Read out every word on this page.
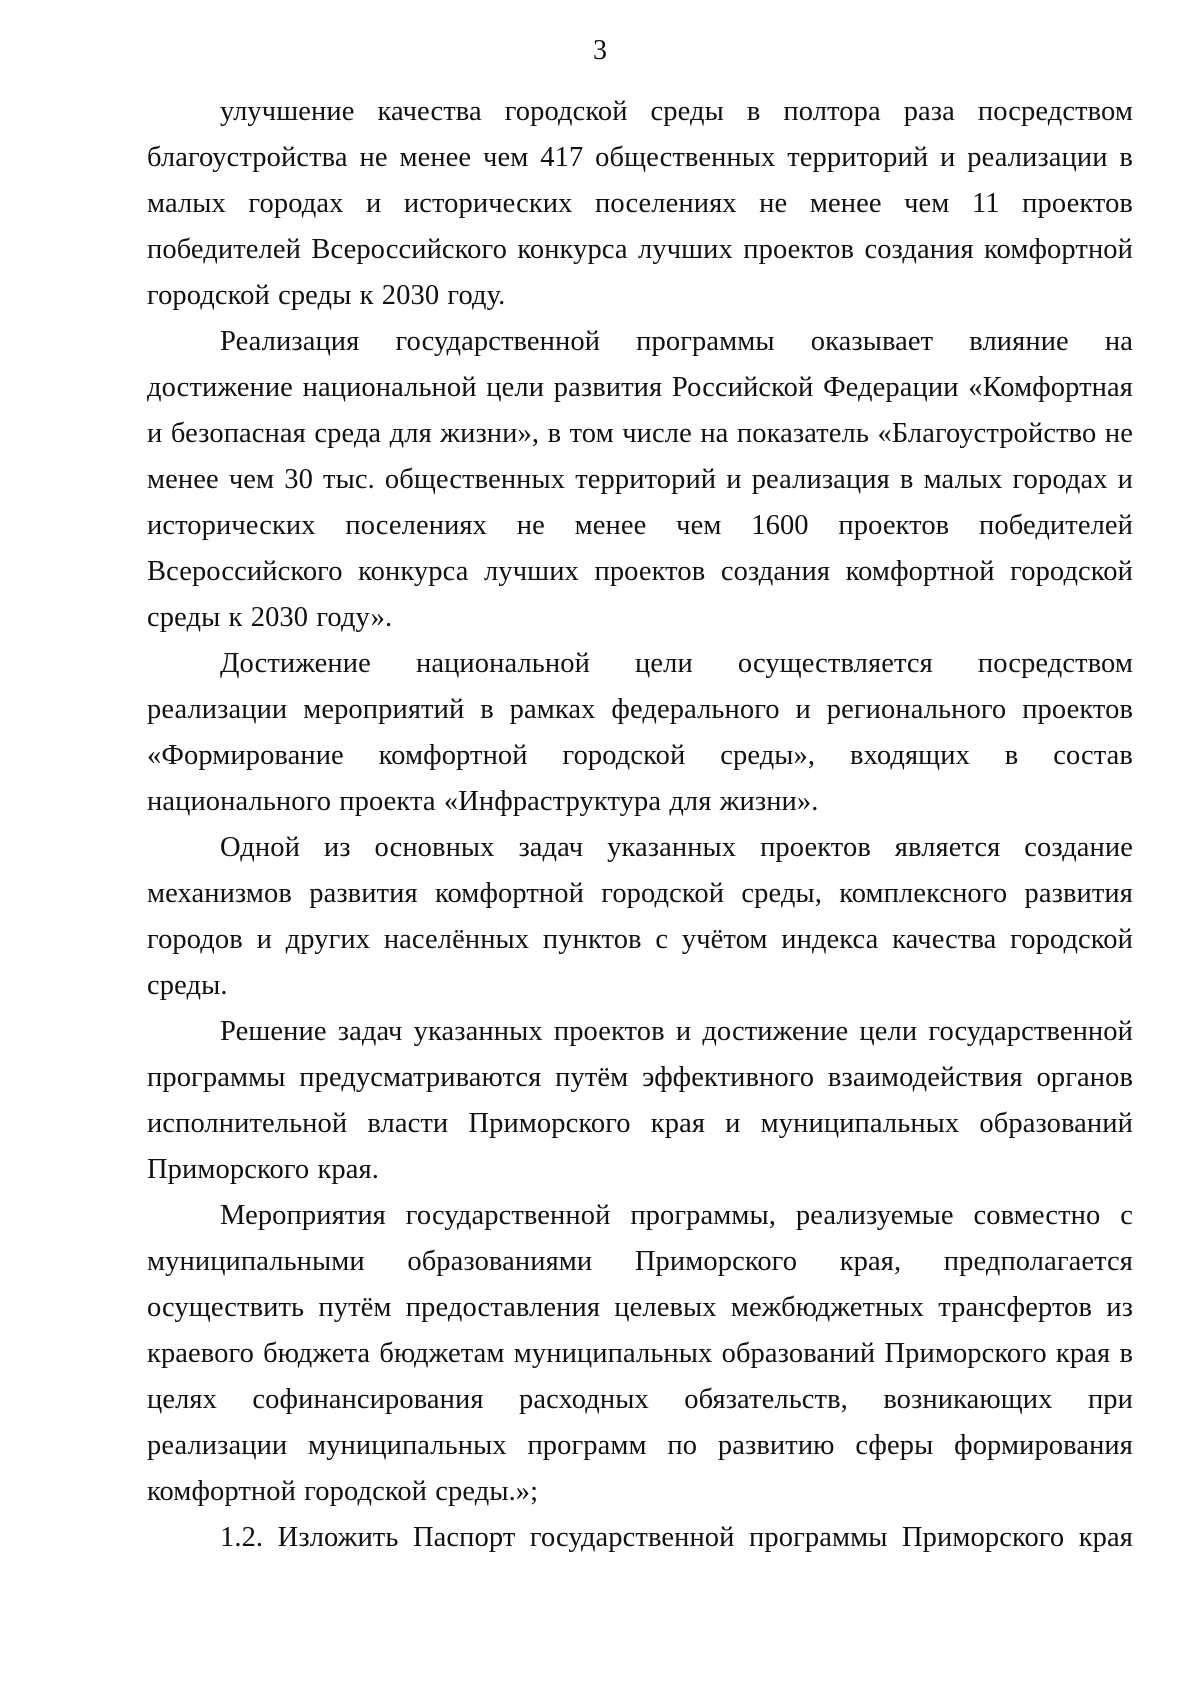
3

улучшение качества городской среды в полтора раза посредством благоустройства не менее чем 417 общественных территорий и реализации в малых городах и исторических поселениях не менее чем 11 проектов победителей Всероссийского конкурса лучших проектов создания комфортной городской среды к 2030 году.

Реализация государственной программы оказывает влияние на достижение национальной цели развития Российской Федерации «Комфортная и безопасная среда для жизни», в том числе на показатель «Благоустройство не менее чем 30 тыс. общественных территорий и реализация в малых городах и исторических поселениях не менее чем 1600 проектов победителей Всероссийского конкурса лучших проектов создания комфортной городской среды к 2030 году».

Достижение национальной цели осуществляется посредством реализации мероприятий в рамках федерального и регионального проектов «Формирование комфортной городской среды», входящих в состав национального проекта «Инфраструктура для жизни».

Одной из основных задач указанных проектов является создание механизмов развития комфортной городской среды, комплексного развития городов и других населённых пунктов с учётом индекса качества городской среды.

Решение задач указанных проектов и достижение цели государственной программы предусматриваются путём эффективного взаимодействия органов исполнительной власти Приморского края и муниципальных образований Приморского края.

Мероприятия государственной программы, реализуемые совместно с муниципальными образованиями Приморского края, предполагается осуществить путём предоставления целевых межбюджетных трансфертов из краевого бюджета бюджетам муниципальных образований Приморского края в целях софинансирования расходных обязательств, возникающих при реализации муниципальных программ по развитию сферы формирования комфортной городской среды.»;

1.2. Изложить Паспорт государственной программы Приморского края
